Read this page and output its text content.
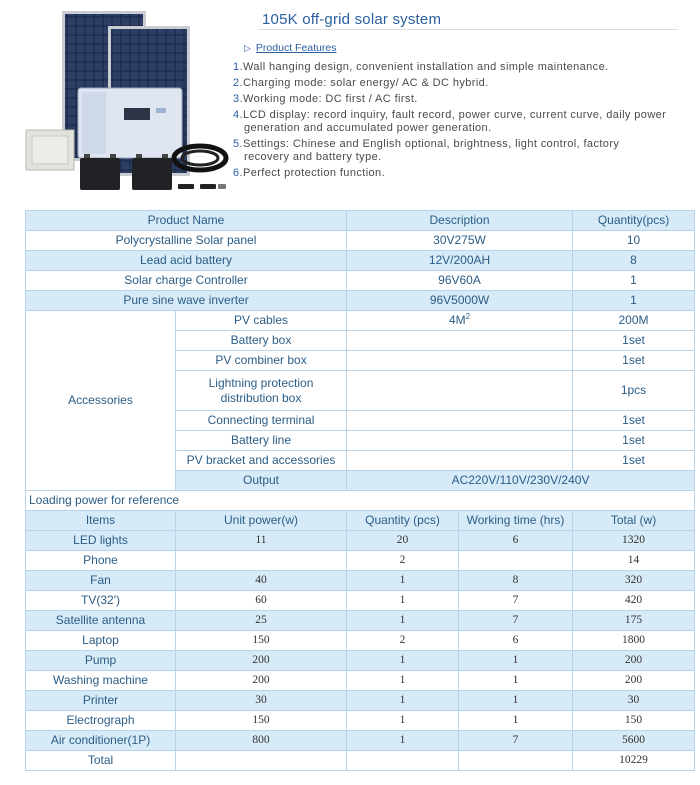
105K off-grid solar system
▷ Product Features
1.Wall hanging design, convenient installation and simple maintenance.
2.Charging mode: solar energy/ AC & DC hybrid.
3.Working mode: DC first / AC first.
4.LCD display: record inquiry, fault record, power curve, current curve, daily power
generation and accumulated power generation.
5.Settings: Chinese and English optional, brightness, light control, factory
recovery and battery type.
6.Perfect protection function.
Product Name		Description		Quantity(pcs)
Polycrystalline Solar panel		30V275W		10
Lead acid battery		12V/200AH		8
Solar charge Controller		96V60A		1
Pure sine wave inverter		96V5000W		1
Accessories	PV cables	$4M^2$		200M
	Battery box			1set
	PV combiner box			1set
	Lightning protection distribution box			1pcs
	Connecting terminal			1set
	Battery line			1set
	PV bracket and accessories			1set
	Output	AC220V/110V/230V/240V		
Loading power for reference				
Items	Unit power(w)	Quantity (pcs)	Working time (hrs)	Total (w)
LED lights	11	20	6	1320
Phone		2		14
Fan	40	1	8	320
TV(32')	60	1	7	420
Satellite antenna	25	1	7	175
Laptop	150	2	6	1800
Pump	200	1	1	200
Washing machine	200	1	1	200
Printer	30	1	1	30
Electrograph	150	1	1	150
Air conditioner(1P)	800	1	7	5600
Total				10229
